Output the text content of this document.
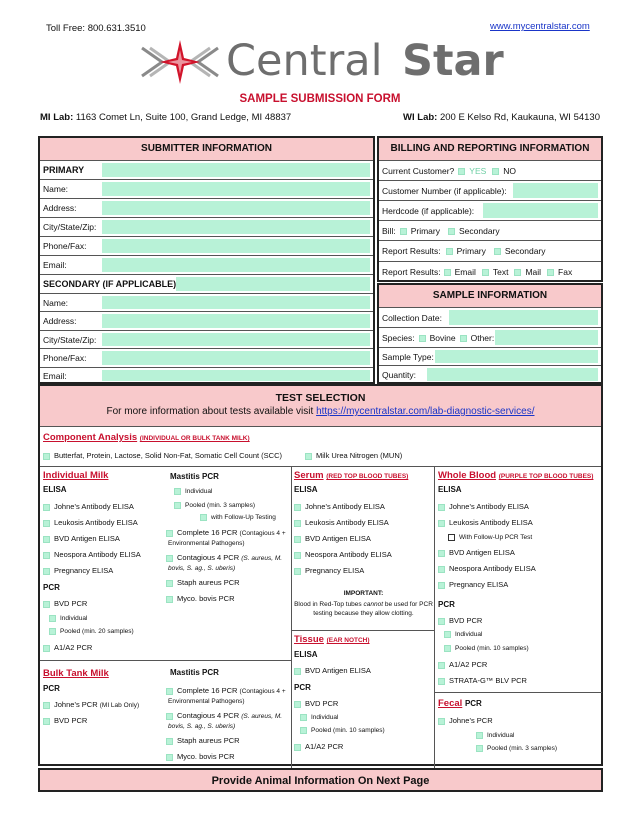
Toll Free: 800.631.3510	www.mycentralstar.com
Central Star
SAMPLE SUBMISSION FORM
MI Lab: 1163 Comet Ln, Suite 100, Grand Ledge, MI 48837	WI Lab: 200 E Kelso Rd, Kaukauna, WI 54130
SUBMITTER INFORMATION
PRIMARY
Name:
Address:
City/State/Zip:
Phone/Fax:
Email:
SECONDARY (IF APPLICABLE)
Name:
Address:
City/State/Zip:
Phone/Fax:
Email:
BILLING AND REPORTING INFORMATION
Current Customer?	YES	NO
Customer Number (if applicable):
Herdcode (if applicable):
Bill:	Primary	Secondary
Report Results:	Primary	Secondary
Report Results:	Email	Text	Mail	Fax
SAMPLE INFORMATION
Collection Date:
Species:	Bovine	Other:
Sample Type:
Quantity:
TEST SELECTION
For more information about tests available visit https://mycentralstar.com/lab-diagnostic-services/
Component Analysis (INDIVIDUAL OR BULK TANK MILK)
Butterfat, Protein, Lactose, Solid Non-Fat, Somatic Cell Count (SCC)	Milk Urea Nitrogen (MUN)
Individual Milk
ELISA
Johne’s Antibody ELISA
Leukosis Antibody ELISA
BVD Antigen ELISA
Neospora Antibody ELISA
Pregnancy ELISA
PCR
BVD PCR
Individual
Pooled (min. 20 samples)
A1/A2 PCR
Mastitis PCR
Individual
Pooled (min. 3 samples)
with Follow-Up Testing
Complete 16 PCR (Contagious 4 +
Environmental Pathogens)
Contagious 4 PCR (S. aureus, M.
bovis, S. ag., S. uberis)
Staph aureus PCR
Myco. bovis PCR
Bulk Tank Milk
PCR
Johne’s PCR (MI Lab Only)
BVD PCR
Mastitis PCR
Complete 16 PCR (Contagious 4 +
Environmental Pathogens)
Contagious 4 PCR (S. aureus, M.
bovis, S. ag., S. uberis)
Staph aureus PCR
Myco. bovis PCR
Serum (RED TOP BLOOD TUBES)
ELISA
Johne’s Antibody ELISA
Leukosis Antibody ELISA
BVD Antigen ELISA
Neospora Antibody ELISA
Pregnancy ELISA
IMPORTANT:
Blood in Red-Top tubes cannot be used for PCR testing because they allow clotting.
Tissue (EAR NOTCH)
ELISA
BVD Antigen ELISA
PCR
BVD PCR
Individual
Pooled (min. 10 samples)
A1/A2 PCR
Whole Blood (PURPLE TOP BLOOD TUBES)
ELISA
Johne’s Antibody ELISA
Leukosis Antibody ELISA
With Follow-Up PCR Test
BVD Antigen ELISA
Neospora Antibody ELISA
Pregnancy ELISA
PCR
BVD PCR
Individual
Pooled (min. 10 samples)
A1/A2 PCR
STRATA-G™ BLV PCR
Fecal PCR
Johne’s PCR
Individual
Pooled (min. 3 samples)
Provide Animal Information On Next Page
